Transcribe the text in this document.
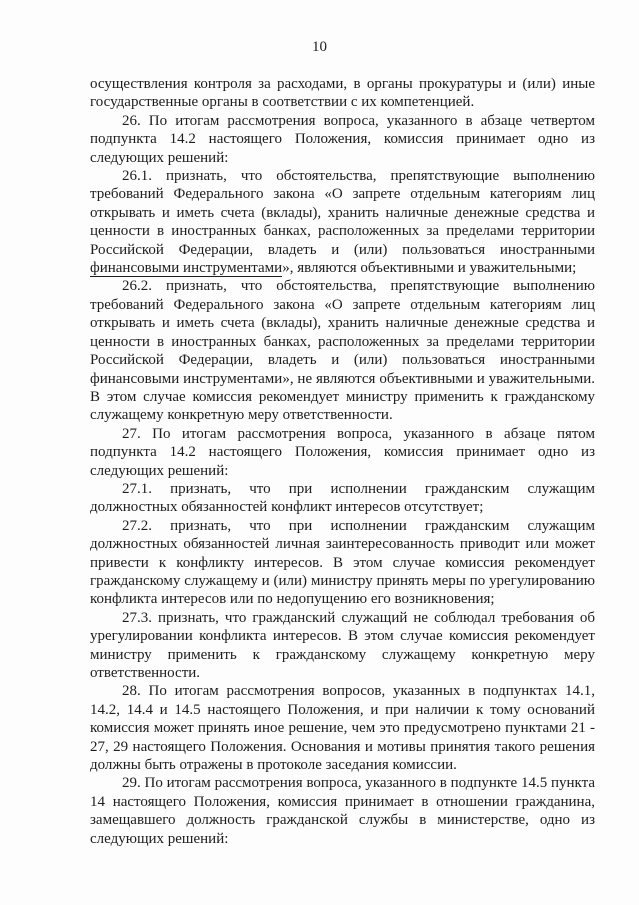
10

осуществления контроля за расходами, в органы прокуратуры и (или) иные государственные органы в соответствии с их компетенцией.

26. По итогам рассмотрения вопроса, указанного в абзаце четвертом подпункта 14.2 настоящего Положения, комиссия принимает одно из следующих решений:

26.1. признать, что обстоятельства, препятствующие выполнению требований Федерального закона «О запрете отдельным категориям лиц открывать и иметь счета (вклады), хранить наличные денежные средства и ценности в иностранных банках, расположенных за пределами территории Российской Федерации, владеть и (или) пользоваться иностранными финансовыми инструментами», являются объективными и уважительными;

26.2. признать, что обстоятельства, препятствующие выполнению требований Федерального закона «О запрете отдельным категориям лиц открывать и иметь счета (вклады), хранить наличные денежные средства и ценности в иностранных банках, расположенных за пределами территории Российской Федерации, владеть и (или) пользоваться иностранными финансовыми инструментами», не являются объективными и уважительными. В этом случае комиссия рекомендует министру применить к гражданскому служащему конкретную меру ответственности.

27. По итогам рассмотрения вопроса, указанного в абзаце пятом подпункта 14.2 настоящего Положения, комиссия принимает одно из следующих решений:

27.1. признать, что при исполнении гражданским служащим должностных обязанностей конфликт интересов отсутствует;

27.2. признать, что при исполнении гражданским служащим должностных обязанностей личная заинтересованность приводит или может привести к конфликту интересов. В этом случае комиссия рекомендует гражданскому служащему и (или) министру принять меры по урегулированию конфликта интересов или по недопущению его возникновения;

27.3. признать, что гражданский служащий не соблюдал требования об урегулировании конфликта интересов. В этом случае комиссия рекомендует министру применить к гражданскому служащему конкретную меру ответственности.

28. По итогам рассмотрения вопросов, указанных в подпунктах 14.1, 14.2, 14.4 и 14.5 настоящего Положения, и при наличии к тому оснований комиссия может принять иное решение, чем это предусмотрено пунктами 21 - 27, 29 настоящего Положения. Основания и мотивы принятия такого решения должны быть отражены в протоколе заседания комиссии.

29. По итогам рассмотрения вопроса, указанного в подпункте 14.5 пункта 14 настоящего Положения, комиссия принимает в отношении гражданина, замещавшего должность гражданской службы в министерстве, одно из следующих решений:
